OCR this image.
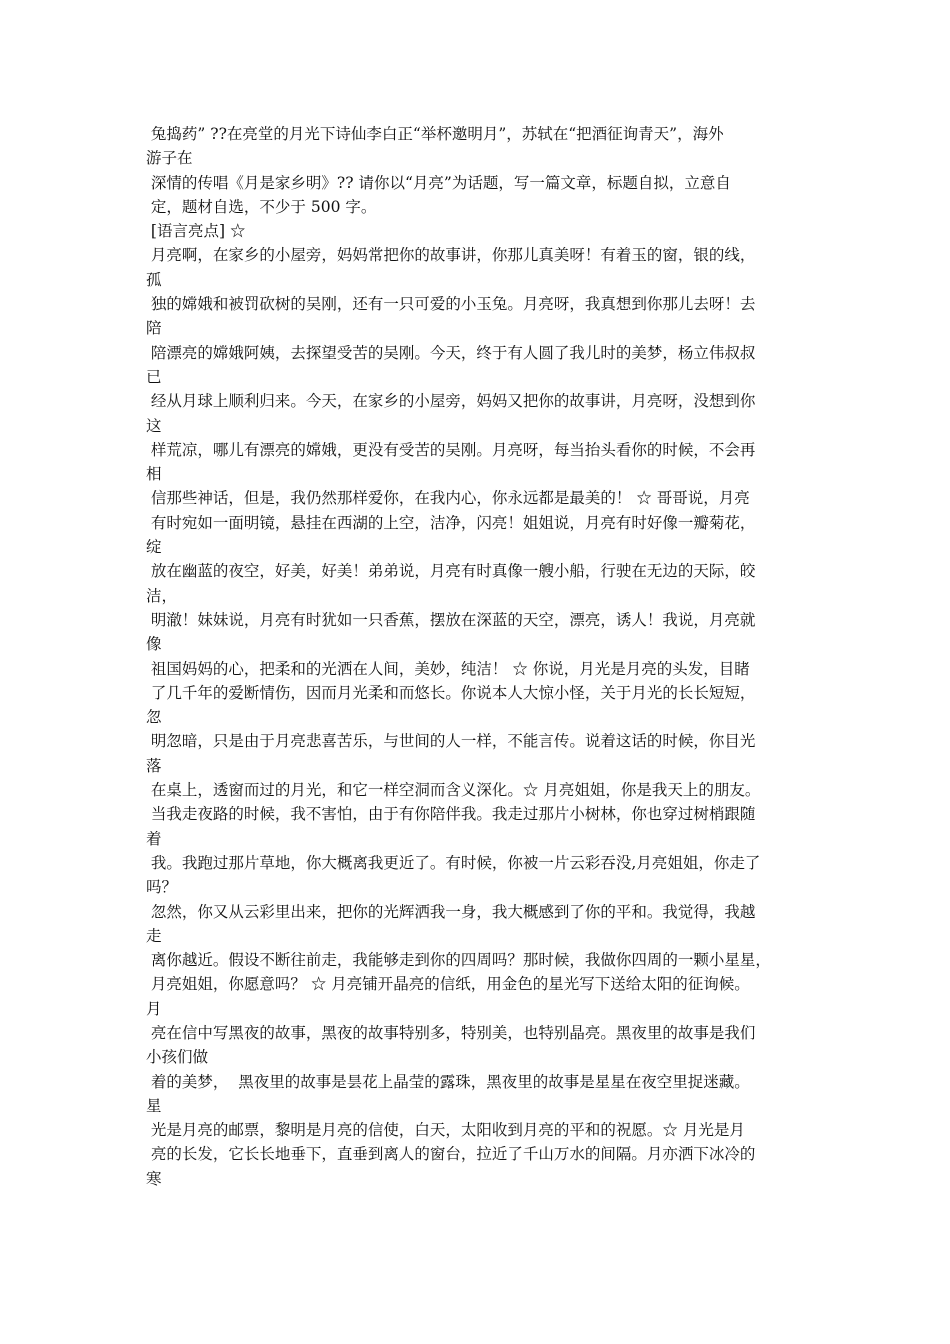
兔捣药” ??在亮堂的月光下诗仙李白正“举杯邀明月”，苏轼在“把酒征询青天”，海外
游子在
深情的传唱《月是家乡明》?? 请你以“月亮”为话题，写一篇文章，标题自拟，立意自
定，题材自选，不少于 500 字。
[语言亮点] ☆
月亮啊，在家乡的小屋旁，妈妈常把你的故事讲，你那儿真美呀！有着玉的窗，银的线，
孤
独的嫦娥和被罚砍树的吴刚，还有一只可爱的小玉兔。月亮呀，我真想到你那儿去呀！去
陪
陪漂亮的嫦娥阿姨，去探望受苦的吴刚。今天，终于有人圆了我儿时的美梦，杨立伟叔叔
已
经从月球上顺利归来。今天，在家乡的小屋旁，妈妈又把你的故事讲，月亮呀，没想到你
这
样荒凉，哪儿有漂亮的嫦娥，更没有受苦的吴刚。月亮呀，每当抬头看你的时候，不会再
相
信那些神话，但是，我仍然那样爱你，在我内心，你永远都是最美的！ ☆ 哥哥说，月亮
有时宛如一面明镜，悬挂在西湖的上空，洁净，闪亮！姐姐说，月亮有时好像一瓣菊花，
绽
放在幽蓝的夜空，好美，好美！弟弟说，月亮有时真像一艘小船，行驶在无边的天际，皎
洁，
明澈！妹妹说，月亮有时犹如一只香蕉，摆放在深蓝的天空，漂亮，诱人！我说，月亮就
像
祖国妈妈的心，把柔和的光洒在人间，美妙，纯洁！ ☆ 你说，月光是月亮的头发，目睹
了几千年的爱断情伤，因而月光柔和而悠长。你说本人大惊小怪，关于月光的长长短短，
忽
明忽暗，只是由于月亮悲喜苦乐，与世间的人一样，不能言传。说着这话的时候，你目光
落
在桌上，透窗而过的月光，和它一样空洞而含义深化。☆ 月亮姐姐，你是我天上的朋友。
当我走夜路的时候，我不害怕，由于有你陪伴我。我走过那片小树林，你也穿过树梢跟随
着
我。我跑过那片草地，你大概离我更近了。有时候，你被一片云彩吞没,月亮姐姐，你走了
吗？
忽然，你又从云彩里出来，把你的光辉洒我一身，我大概感到了你的平和。我觉得，我越
走
离你越近。假设不断往前走，我能够走到你的四周吗？那时候，我做你四周的一颗小星星，
月亮姐姐，你愿意吗？ ☆ 月亮铺开晶亮的信纸，用金色的星光写下送给太阳的征询候。
月
亮在信中写黑夜的故事，黑夜的故事特别多，特别美，也特别晶亮。黑夜里的故事是我们
小孩们做
着的美梦，  黑夜里的故事是昙花上晶莹的露珠，黑夜里的故事是星星在夜空里捉迷藏。
星
光是月亮的邮票，黎明是月亮的信使，白天，太阳收到月亮的平和的祝愿。☆ 月光是月
亮的长发，它长长地垂下，直垂到离人的窗台，拉近了千山万水的间隔。月亦洒下冰冷的
寒
